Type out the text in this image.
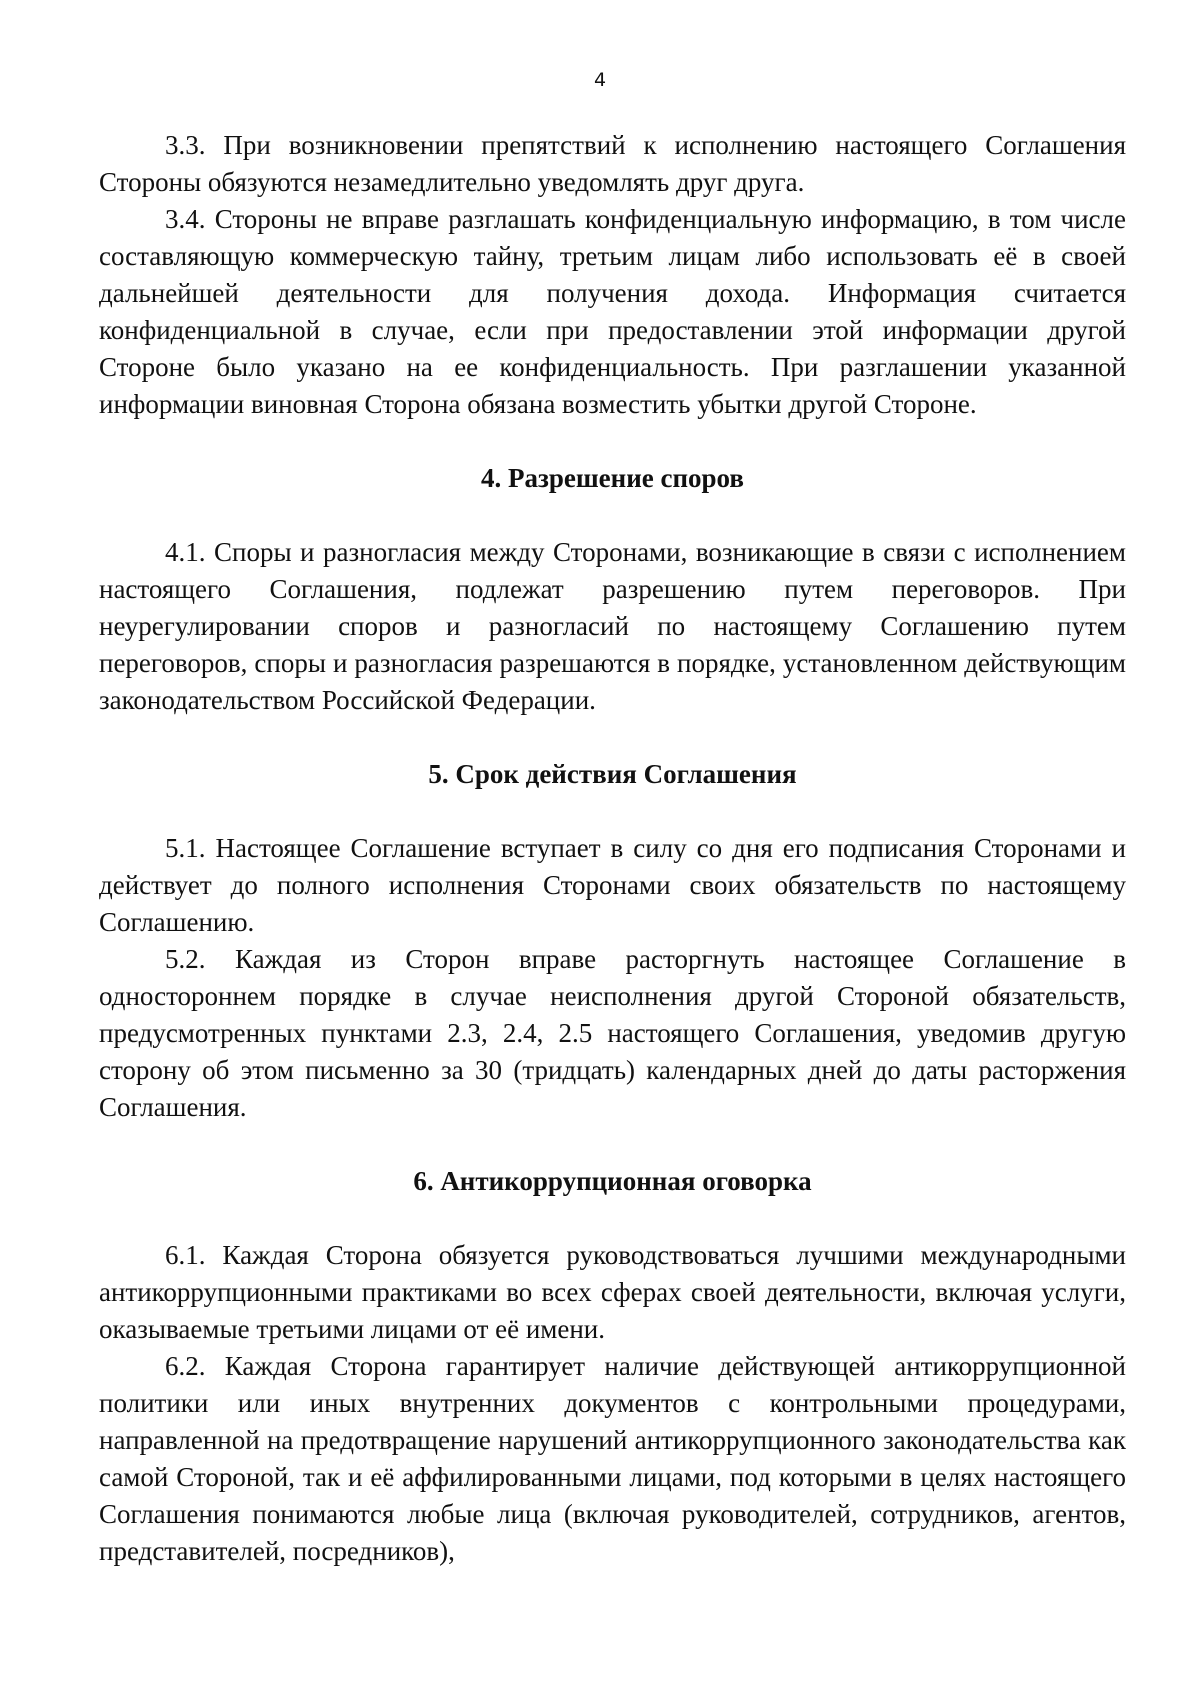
4

3.3. При возникновении препятствий к исполнению настоящего Соглашения Стороны обязуются незамедлительно уведомлять друг друга.

3.4. Стороны не вправе разглашать конфиденциальную информацию, в том числе составляющую коммерческую тайну, третьим лицам либо использовать её в своей дальнейшей деятельности для получения дохода. Информация считается конфиденциальной в случае, если при предоставлении этой информации другой Стороне было указано на ее конфиденциальность. При разглашении указанной информации виновная Сторона обязана возместить убытки другой Стороне.

4. Разрешение споров

4.1. Споры и разногласия между Сторонами, возникающие в связи с исполнением настоящего Соглашения, подлежат разрешению путем переговоров. При неурегулировании споров и разногласий по настоящему Соглашению путем переговоров, споры и разногласия разрешаются в порядке, установленном действующим законодательством Российской Федерации.

5. Срок действия Соглашения

5.1. Настоящее Соглашение вступает в силу со дня его подписания Сторонами и действует до полного исполнения Сторонами своих обязательств по настоящему Соглашению.

5.2. Каждая из Сторон вправе расторгнуть настоящее Соглашение в одностороннем порядке в случае неисполнения другой Стороной обязательств, предусмотренных пунктами 2.3, 2.4, 2.5 настоящего Соглашения, уведомив другую сторону об этом письменно за 30 (тридцать) календарных дней до даты расторжения Соглашения.

6. Антикоррупционная оговорка

6.1. Каждая Сторона обязуется руководствоваться лучшими международными антикоррупционными практиками во всех сферах своей деятельности, включая услуги, оказываемые третьими лицами от её имени.

6.2. Каждая Сторона гарантирует наличие действующей антикоррупционной политики или иных внутренних документов с контрольными процедурами, направленной на предотвращение нарушений антикоррупционного законодательства как самой Стороной, так и её аффилированными лицами, под которыми в целях настоящего Соглашения понимаются любые лица (включая руководителей, сотрудников, агентов, представителей, посредников),
